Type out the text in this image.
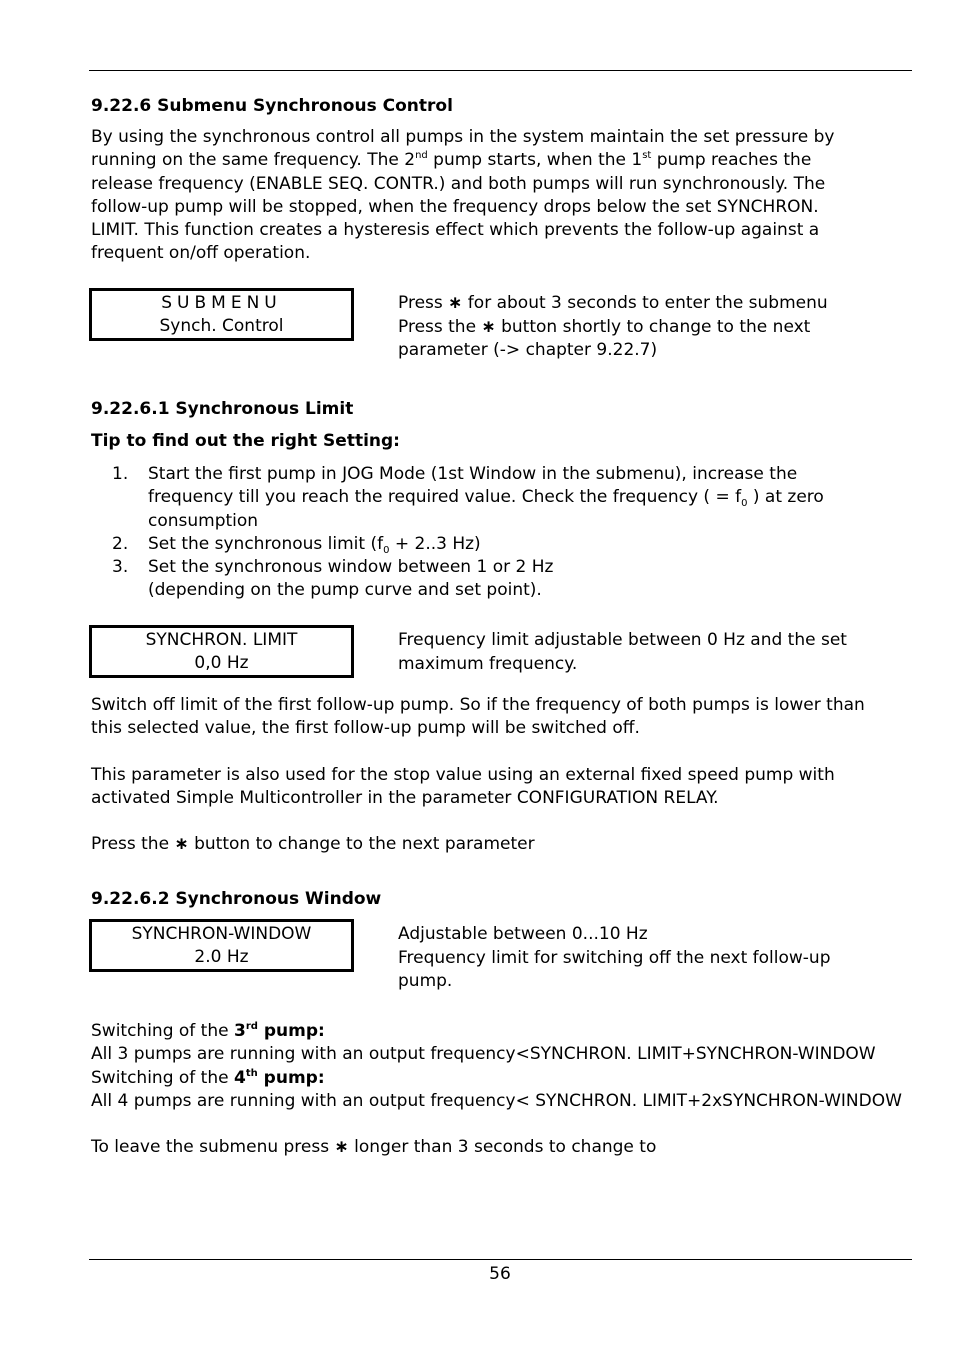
9.22.6 Submenu Synchronous Control
By using the synchronous control all pumps in the system maintain the set pressure by
running on the same frequency. The 2nd pump starts, when the 1st pump reaches the
release frequency (ENABLE SEQ. CONTR.) and both pumps will run synchronously. The
follow-up pump will be stopped, when the frequency drops below the set SYNCHRON.
LIMIT. This function creates a hysteresis effect which prevents the follow-up against a
frequent on/off operation.
SUBMENU
Synch. Control
Press ∗ for about 3 seconds to enter the submenu
Press the ∗ button shortly to change to the next
parameter (-> chapter 9.22.7)
9.22.6.1 Synchronous Limit
Tip to find out the right Setting:
1. Start the first pump in JOG Mode (1st Window in the submenu), increase the
frequency till you reach the required value. Check the frequency ( = $f_0$ ) at zero
consumption
2. Set the synchronous limit ($f_0 + 2..3$ Hz)
3. Set the synchronous window between 1 or 2 Hz
(depending on the pump curve and set point).
SYNCHRON. LIMIT
0,0 Hz
Frequency limit adjustable between 0 Hz and the set
maximum frequency.
Switch off limit of the first follow-up pump. So if the frequency of both pumps is lower than
this selected value, the first follow-up pump will be switched off.
This parameter is also used for the stop value using an external fixed speed pump with
activated Simple Multicontroller in the parameter CONFIGURATION RELAY.
Press the ∗ button to change to the next parameter
9.22.6.2 Synchronous Window
SYNCHRON-WINDOW
2.0 Hz
Adjustable between 0...10 Hz
Frequency limit for switching off the next follow-up
pump.
Switching of the 3rd pump:
All 3 pumps are running with an output frequency<SYNCHRON. LIMIT+SYNCHRON-WINDOW
Switching of the 4th pump:
All 4 pumps are running with an output frequency< SYNCHRON. LIMIT+2xSYNCHRON-WINDOW
To leave the submenu press ∗ longer than 3 seconds to change to
56
